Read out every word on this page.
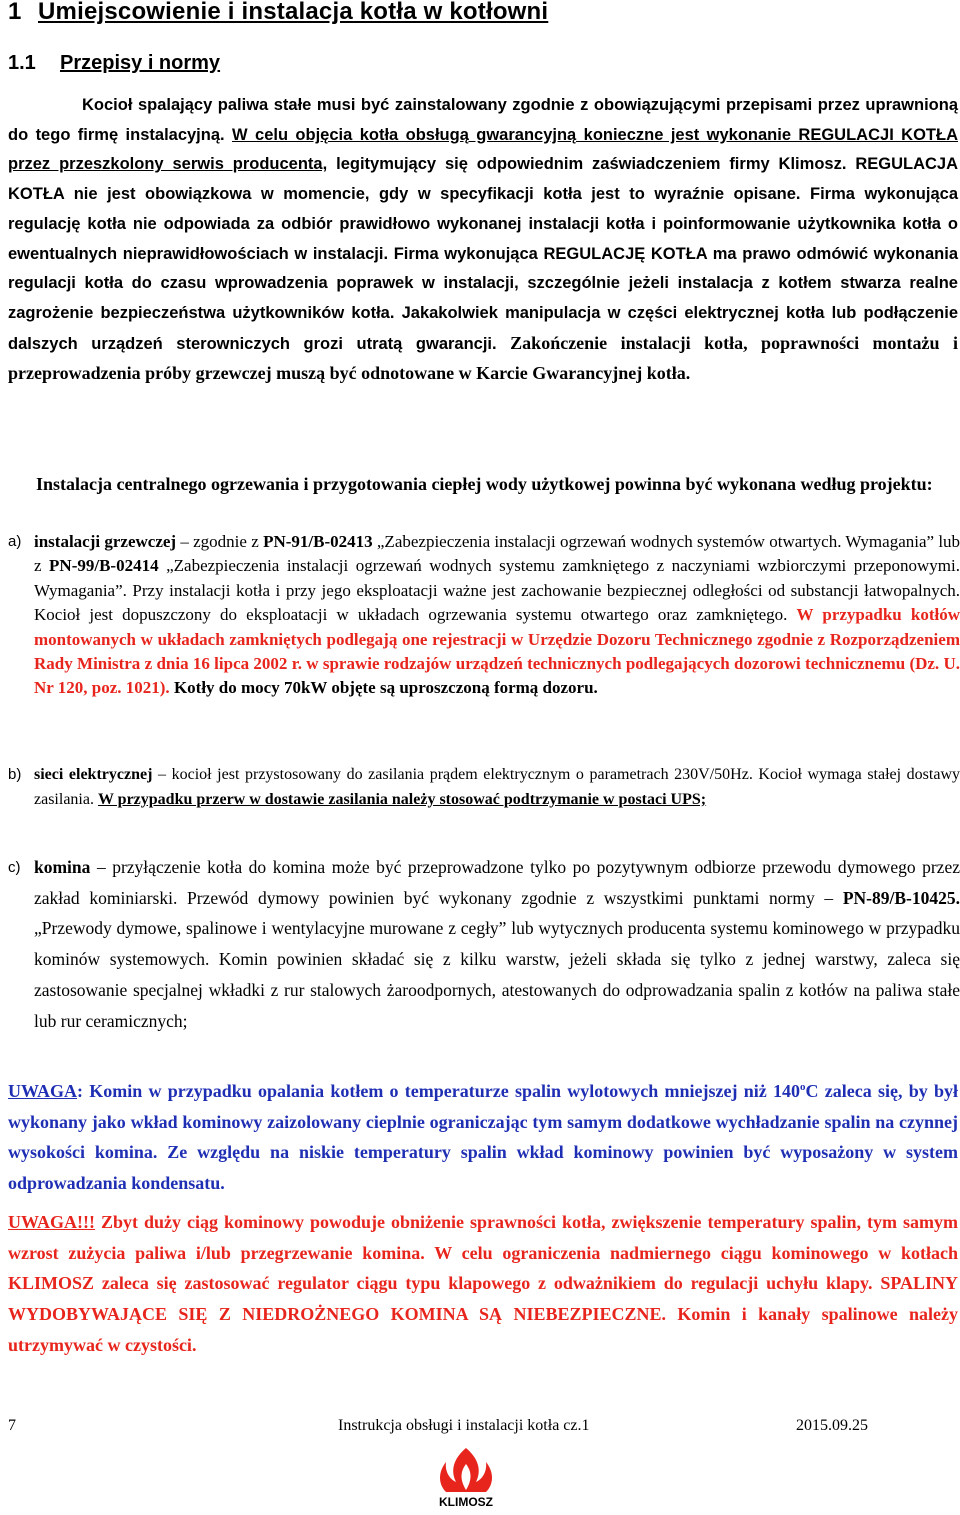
1 Umiejscowienie i instalacja kotła w kotłowni
1.1 Przepisy i normy

Kocioł spalający paliwa stałe musi być zainstalowany zgodnie z obowiązującymi przepisami przez uprawnioną do tego firmę instalacyjną. W celu objęcia kotła obsługą gwarancyjną konieczne jest wykonanie REGULACJI KOTŁA przez przeszkolony serwis producenta, legitymujący się odpowiednim zaświadczeniem firmy Klimosz. REGULACJA KOTŁA nie jest obowiązkowa w momencie, gdy w specyfikacji kotła jest to wyraźnie opisane. Firma wykonująca regulację kotła nie odpowiada za odbiór prawidłowo wykonanej instalacji kotła i poinformowanie użytkownika kotła o ewentualnych nieprawidłowościach w instalacji. Firma wykonująca REGULACJĘ KOTŁA ma prawo odmówić wykonania regulacji kotła do czasu wprowadzenia poprawek w instalacji, szczególnie jeżeli instalacja z kotłem stwarza realne zagrożenie bezpieczeństwa użytkowników kotła. Jakakolwiek manipulacja w części elektrycznej kotła lub podłączenie dalszych urządzeń sterowniczych grozi utratą gwarancji. Zakończenie instalacji kotła, poprawności montażu i przeprowadzenia próby grzewczej muszą być odnotowane w Karcie Gwarancyjnej kotła.

Instalacja centralnego ogrzewania i przygotowania ciepłej wody użytkowej powinna być wykonana według projektu:

a) instalacji grzewczej – zgodnie z PN-91/B-02413 „Zabezpieczenia instalacji ogrzewań wodnych systemów otwartych. Wymagania” lub z PN-99/B-02414 „Zabezpieczenia instalacji ogrzewań wodnych systemu zamkniętego z naczyniami wzbiorczymi przeponowymi. Wymagania”. Przy instalacji kotła i przy jego eksploatacji ważne jest zachowanie bezpiecznej odległości od substancji łatwopalnych. Kocioł jest dopuszczony do eksploatacji w układach ogrzewania systemu otwartego oraz zamkniętego. W przypadku kotłów montowanych w układach zamkniętych podlegają one rejestracji w Urzędzie Dozoru Technicznego zgodnie z Rozporządzeniem Rady Ministra z dnia 16 lipca 2002 r. w sprawie rodzajów urządzeń technicznych podlegających dozorowi technicznemu (Dz. U. Nr 120, poz. 1021). Kotły do mocy 70kW objęte są uproszczoną formą dozoru.

b) sieci elektrycznej – kocioł jest przystosowany do zasilania prądem elektrycznym o parametrach 230V/50Hz. Kocioł wymaga stałej dostawy zasilania. W przypadku przerw w dostawie zasilania należy stosować podtrzymanie w postaci UPS;

c) komina – przyłączenie kotła do komina może być przeprowadzone tylko po pozytywnym odbiorze przewodu dymowego przez zakład kominiarski. Przewód dymowy powinien być wykonany zgodnie z wszystkimi punktami normy – PN-89/B-10425. „Przewody dymowe, spalinowe i wentylacyjne murowane z cegły” lub wytycznych producenta systemu kominowego w przypadku kominów systemowych. Komin powinien składać się z kilku warstw, jeżeli składa się tylko z jednej warstwy, zaleca się zastosowanie specjalnej wkładki z rur stalowych żaroodpornych, atestowanych do odprowadzania spalin z kotłów na paliwa stałe lub rur ceramicznych;

UWAGA: Komin w przypadku opalania kotłem o temperaturze spalin wylotowych mniejszej niż 140$^o$C zaleca się, by był wykonany jako wkład kominowy zaizolowany cieplnie ograniczając tym samym dodatkowe wychładzanie spalin na czynnej wysokości komina. Ze względu na niskie temperatury spalin wkład kominowy powinien być wyposażony w system odprowadzania kondensatu.

UWAGA!!! Zbyt duży ciąg kominowy powoduje obniżenie sprawności kotła, zwiększenie temperatury spalin, tym samym wzrost zużycia paliwa i/lub przegrzewanie komina. W celu ograniczenia nadmiernego ciągu kominowego w kotłach KLIMOSZ zaleca się zastosować regulator ciągu typu klapowego z odważnikiem do regulacji uchyłu klapy. SPALINY WYDOBYWAJĄCE SIĘ Z NIEDROŻNEGO KOMINA SĄ NIEBEZPIECZNE. Komin i kanały spalinowe należy utrzymywać w czystości.

7	Instrukcja obsługi i instalacji kotła cz.1	2015.09.25
KLIMOSZ
